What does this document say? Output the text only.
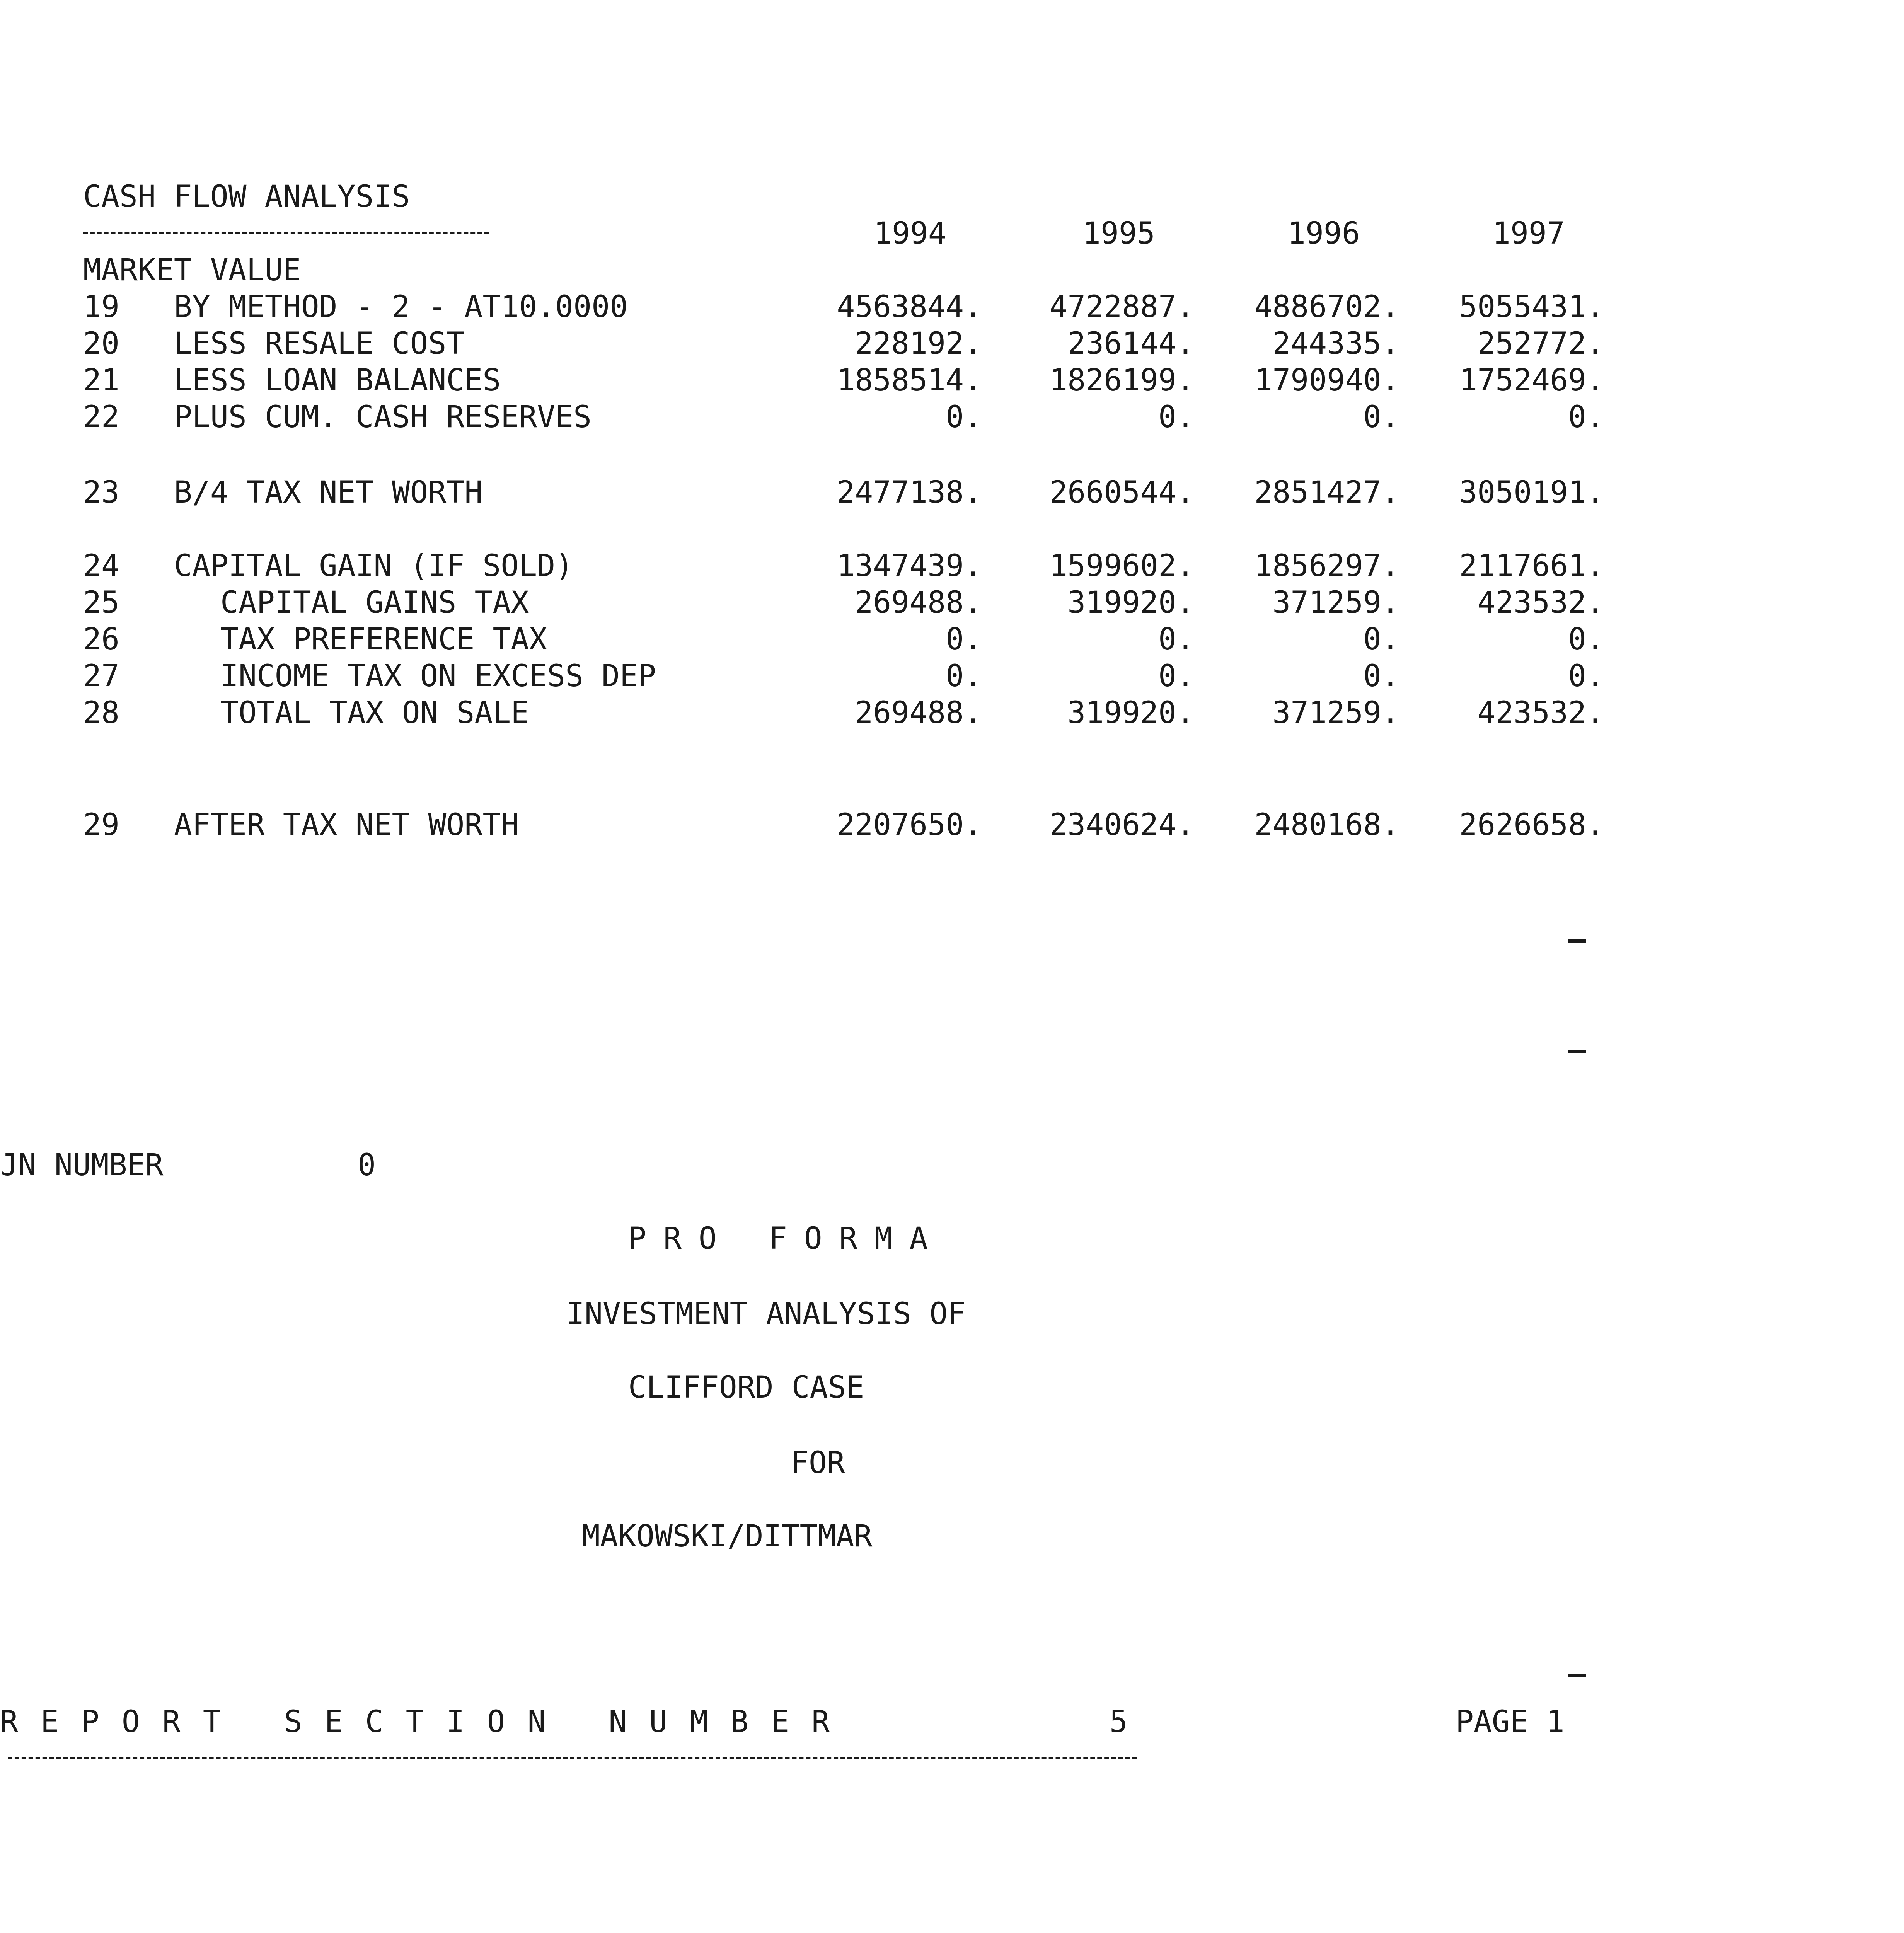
CASH FLOW ANALYSIS
1994	1995	1996	1997
MARKET VALUE
19 BY METHOD - 2 - AT10.0000	4563844.	4722887.	4886702.	5055431.
20 LESS RESALE COST	228192.	236144.	244335.	252772.
21 LESS LOAN BALANCES	1858514.	1826199.	1790940.	1752469.
22 PLUS CUM. CASH RESERVES	0.	0.	0.	0.
23 B/4 TAX NET WORTH	2477138.	2660544.	2851427.	3050191.
24 CAPITAL GAIN (IF SOLD)	1347439.	1599602.	1856297.	2117661.
25	CAPITAL GAINS TAX	269488.	319920.	371259.	423532.
26	TAX PREFERENCE TAX	0.	0.	0.	0.
27	INCOME TAX ON EXCESS DEP	0.	0.	0.	0.
28	TOTAL TAX ON SALE	269488.	319920.	371259.	423532.
29 AFTER TAX NET WORTH	2207650.	2340624.	2480168.	2626658.
JN NUMBER	0
PRO FORMA
INVESTMENT ANALYSIS OF
CLIFFORD CASE
FOR
MAKOWSKI/DITTMAR
REPORT SECTION NUMBER	5	PAGE 1
